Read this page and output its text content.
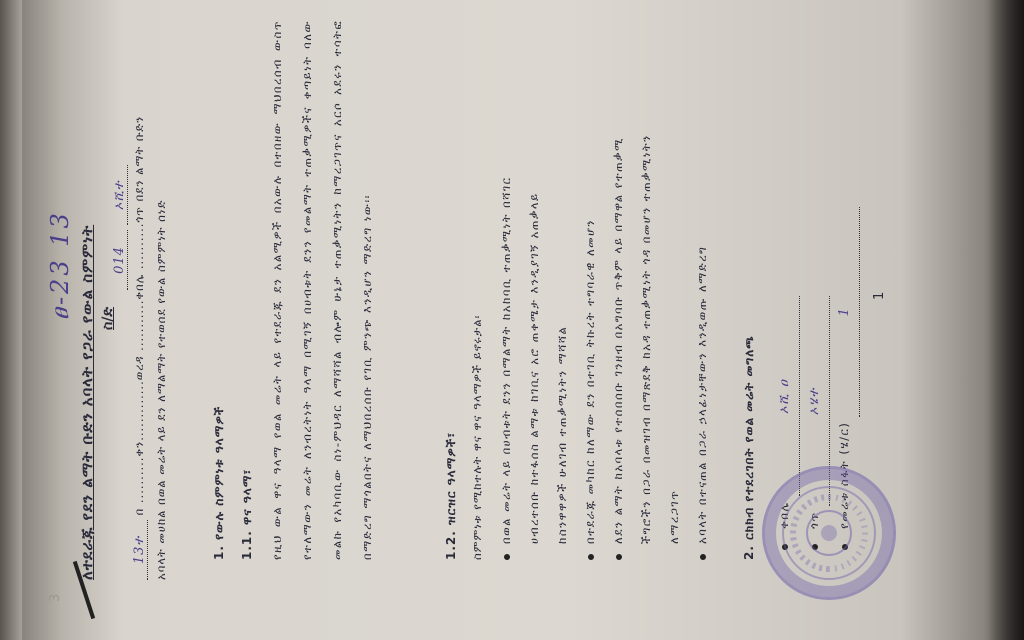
3
ፀ-23 13 ለተደራጁ የደን ልማት ቡድን አባላት የጋራ የውል ስምምነት ስ/ድ
13ተ በ ..........ቀን.............ወረዳ ...........ቀበሌ ..........ጎጥ በደን ልማት ቡድን
014 ኦሺተ
አባላት መሀከል በወል መሬት ላይ ደን ለማልማት የተወሰደ የውል ስምምነት ሰነድ	1. የውሉ ስምምነቱ ዓላማዎች 1.1. ዋና ዓላማ፣	የዚህ ውል ዋና ዓላማ የወል መሬት ላይ የተደራጁ ደን አልሚዎች በአውሉ በተበዘው ማህበረሰብ ውስጥ የተለማውን መሬት ለንብረትነት ዓላማ በሚገኝ በሀብቱት ደንን የመልማት ተጠቃሚዎችና ቀጣይነት ባለው መልኩ የአካባቢው ስነ-ምህዳር ለማሻሻል ብሎም ሁኔታ ተጠቃሚነትን ከማረጋገጥና አርሶ አደሩን ተሳትፎ በማድረግ ማጎልበትና ለማህበረሰቡ የገቢ ምንጭ እንዲሆን ማድረግ ነው፡፡	1.2. ዝርዝር ዓላማዎች፣ ስምምነቱ የሚከተሉት ዋና ዋና ዓላማዎች ይኖሩታል፡	በወል መሬት ላይ በሀብቱት ደንን በማልማት ከአከባቢ ተጠቃሚነት በሻገር	ሀብረተሰቡ ከተፋሰስ ልማቱ ከገቢና አሮ ጠቀሜታ እንዲያገኝ አጠቃላይ	ከስንዋዋዎች ሁለገብ ተጠቃሚነትን ማሻሻል	በተደራጁ መካከር ከለማው ደን በተገቢ ትኩረት ተግባራዊ ለመሆን	ለደን ልማት ከአባላቱ የተሰበሰቡ ገንዘብ በአግባቡ ጥቅም ላይ በማዋል የተጠቃሚ	ችግሮችን በጋራ በመዝገብ በማጽደቅ ከአዳ ተጠቃሚነት ጎዳ በመሆን ተጠቃሚነትን	ለማረጋገጥ	አባላት በተናጠል በጋራ ኃላፊነታቸውን እንዲወጡ ለማድረግ	2. ርክክብ የተደረገበት የወል መሬት መግለጫ	ቀበሌ ኦሺ ዐ
ጎጥ ኦሄተ
የመሬቱ ስፋት (ሄ/ር) 1
1
